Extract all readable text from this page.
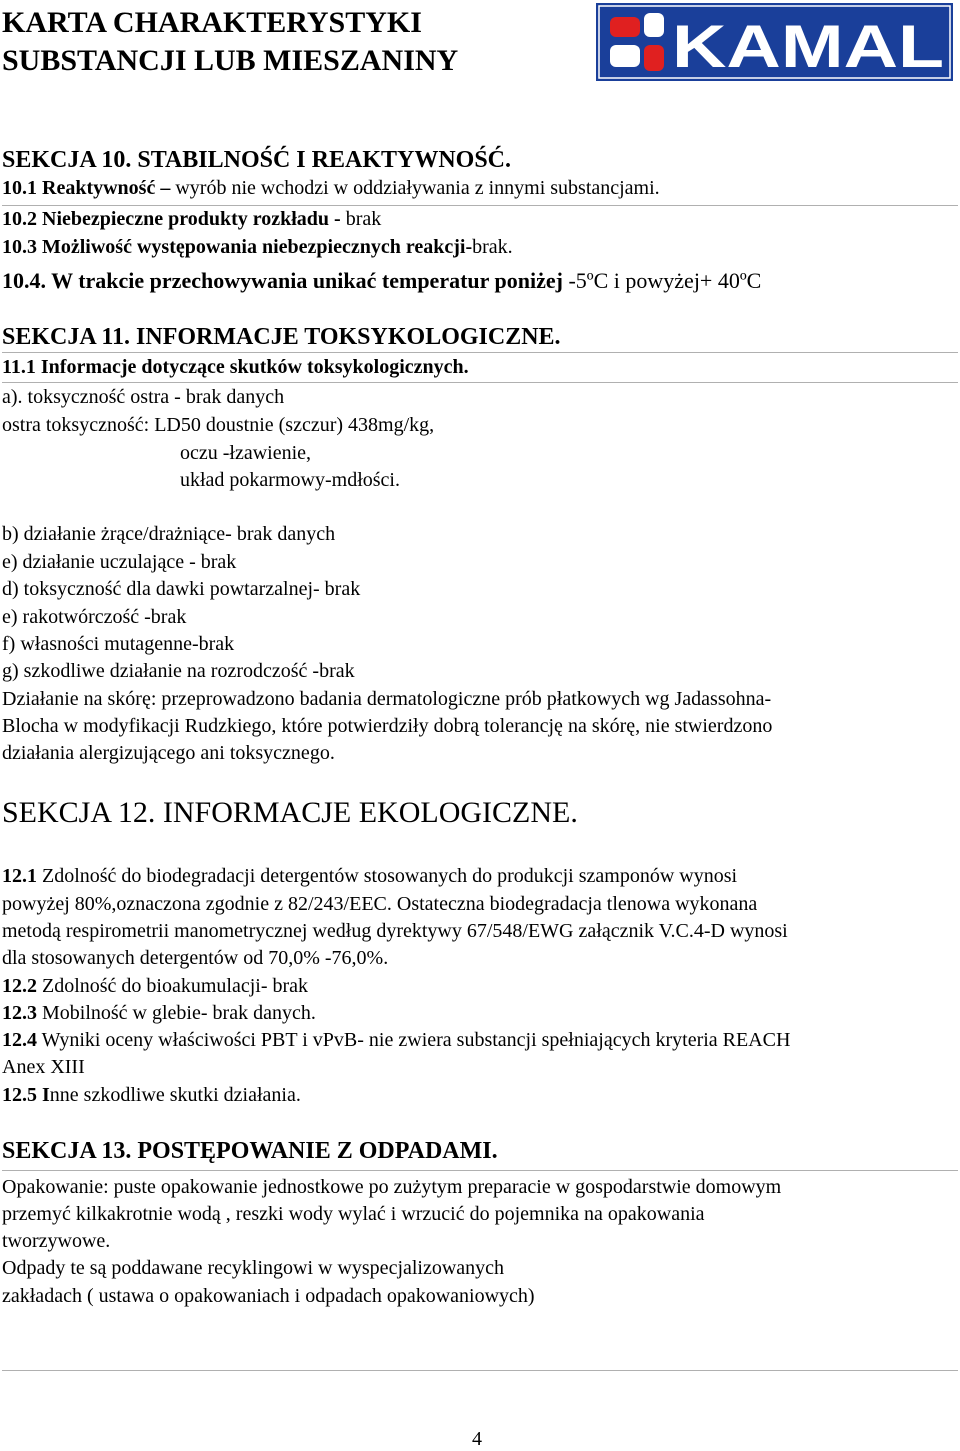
KARTA CHARAKTERYSTYKI
SUBSTANCJI LUB MIESZANINY	KAMAL
SEKCJA 10. STABILNOŚĆ I REAKTYWNOŚĆ.
10.1 Reaktywność – wyrób nie wchodzi w oddziaływania z innymi substancjami.
10.2 Niebezpieczne produkty rozkładu - brak
10.3 Możliwość występowania niebezpiecznych reakcji-brak.
10.4. W trakcie przechowywania unikać temperatur poniżej -5ºC i powyżej+ 40ºC
SEKCJA 11. INFORMACJE TOKSYKOLOGICZNE.
11.1 Informacje dotyczące skutków toksykologicznych.
a). toksyczność ostra - brak danych
ostra toksyczność: LD50 doustnie (szczur) 438mg/kg,
oczu -łzawienie,
układ pokarmowy-mdłości.
b) działanie żrące/drażniące- brak danych
e) działanie uczulające - brak
d) toksyczność dla dawki powtarzalnej- brak
e) rakotwórczość -brak
f) własności mutagenne-brak
g) szkodliwe działanie na rozrodczość -brak
Działanie na skórę: przeprowadzono badania dermatologiczne prób płatkowych wg Jadassohna-
Blocha w modyfikacji Rudzkiego, które potwierdziły dobrą tolerancję na skórę, nie stwierdzono
działania alergizującego ani toksycznego.
SEKCJA 12. INFORMACJE EKOLOGICZNE.
12.1 Zdolność do biodegradacji detergentów stosowanych do produkcji szamponów wynosi
powyżej 80%,oznaczona zgodnie z 82/243/EEC. Ostateczna biodegradacja tlenowa wykonana
metodą respirometrii manometrycznej według dyrektywy 67/548/EWG załącznik V.C.4-D wynosi
dla stosowanych detergentów od 70,0% -76,0%.
12.2 Zdolność do bioakumulacji- brak
12.3 Mobilność w glebie- brak danych.
12.4 Wyniki oceny właściwości PBT i vPvB- nie zwiera substancji spełniających kryteria REACH
Anex XIII
12.5 Inne szkodliwe skutki działania.
SEKCJA 13. POSTĘPOWANIE Z ODPADAMI.
Opakowanie: puste opakowanie jednostkowe po zużytym preparacie w gospodarstwie domowym
przemyć kilkakrotnie wodą , reszki wody wylać i wrzucić do pojemnika na opakowania
tworzywowe.
Odpady te są poddawane recyklingowi w wyspecjalizowanych
zakładach ( ustawa o opakowaniach i odpadach opakowaniowych)
4
